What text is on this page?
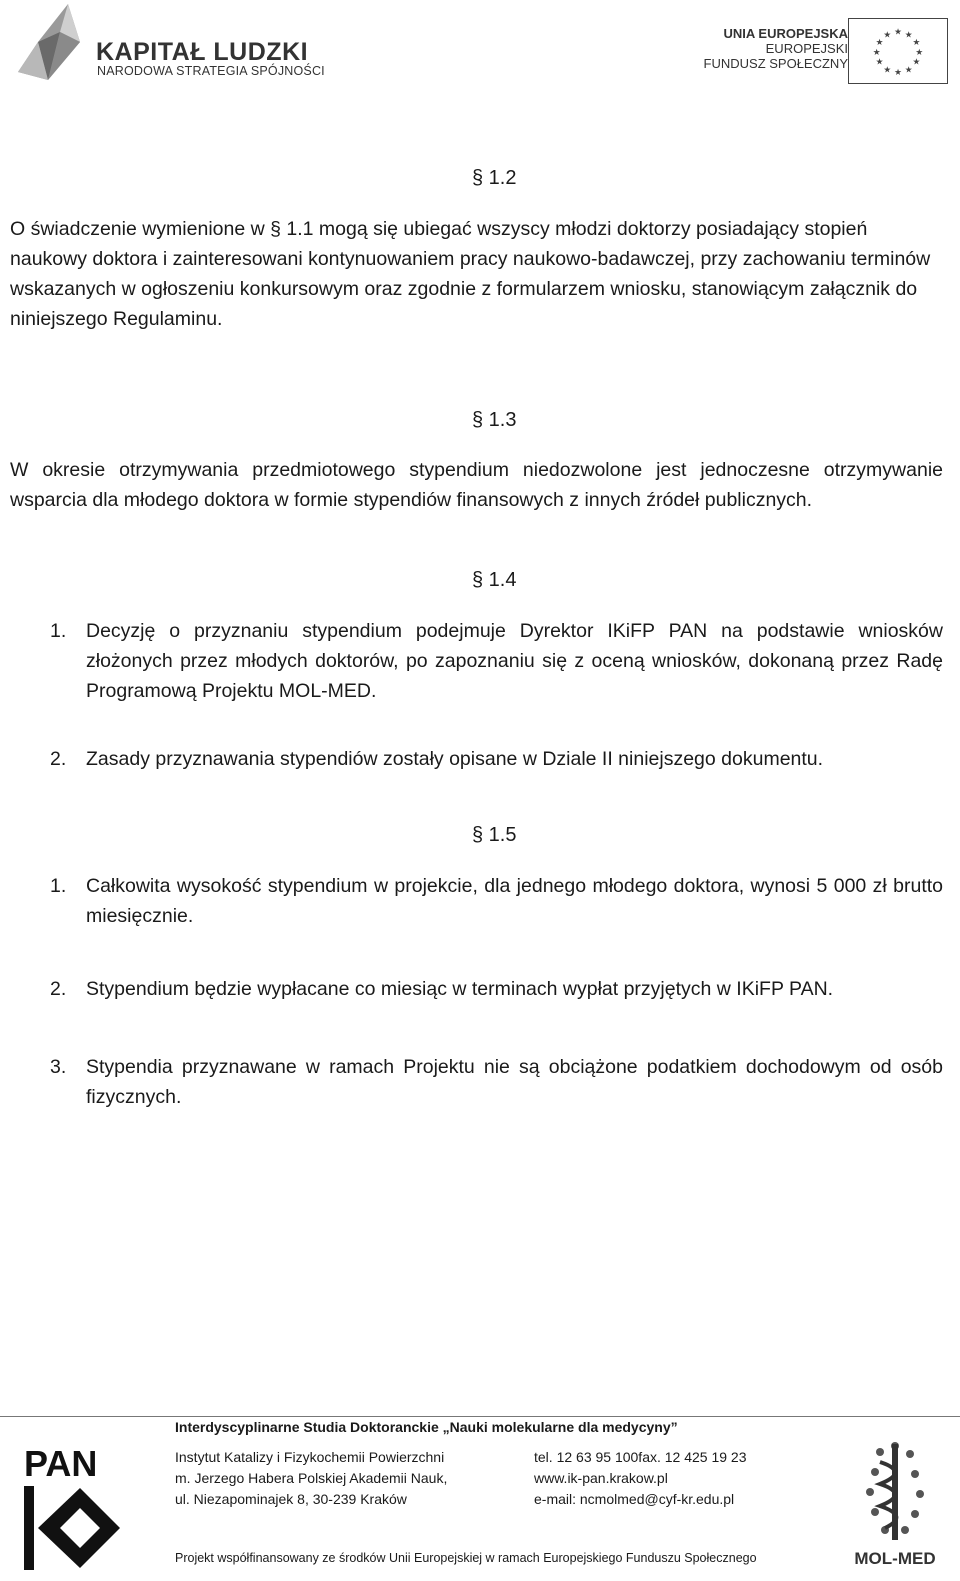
KAPITAŁ LUDZKI
NARODOWA STRATEGIA SPÓJNOŚCI
UNIA EUROPEJSKA
EUROPEJSKI
FUNDUSZ SPOŁECZNY
★ ★
★
★
★
★
★
★
★
★
★
★
§ 1.2
O świadczenie wymienione w § 1.1 mogą się ubiegać wszyscy młodzi doktorzy posiadający stopień naukowy doktora i zainteresowani kontynuowaniem pracy naukowo-badawczej, przy zachowaniu terminów wskazanych w ogłoszeniu konkursowym oraz zgodnie z formularzem wniosku, stanowiącym załącznik do niniejszego Regulaminu.
§ 1.3
W okresie otrzymywania przedmiotowego stypendium niedozwolone jest jednoczesne otrzymywanie wsparcia dla młodego doktora w formie stypendiów finansowych z innych źródeł publicznych.
§ 1.4
1. Decyzję o przyznaniu stypendium podejmuje Dyrektor IKiFP PAN na podstawie wniosków złożonych przez młodych doktorów, po zapoznaniu się z oceną wniosków, dokonaną przez Radę Programową Projektu MOL-MED.
2. Zasady przyznawania stypendiów zostały opisane w Dziale II niniejszego dokumentu.
§ 1.5
1. Całkowita wysokość stypendium w projekcie, dla jednego młodego doktora, wynosi 5 000 zł brutto miesięcznie.
2. Stypendium będzie wypłacane co miesiąc w terminach wypłat przyjętych w IKiFP PAN.
3. Stypendia przyznawane w ramach Projektu nie są obciążone podatkiem dochodowym od osób fizycznych.
Interdyscyplinarne Studia Doktoranckie „Nauki molekularne dla medycyny”
Instytut Katalizy i Fizykochemii Powierzchni
m. Jerzego Habera Polskiej Akademii Nauk,
ul. Niezapominajek 8, 30-239 Kraków
tel. 12 63 95 100fax. 12 425 19 23
www.ik-pan.krakow.pl
e-mail: ncmolmed@cyf-kr.edu.pl
Projekt współfinansowany ze środków Unii Europejskiej w ramach Europejskiego Funduszu Społecznego
PAN
MOL-MED
